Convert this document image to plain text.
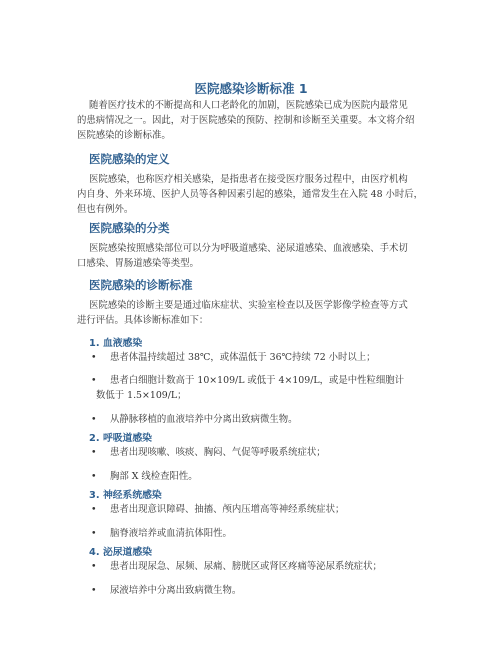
医院感染诊断标准 1

随着医疗技术的不断提高和人口老龄化的加剧，医院感染已成为医院内最常见
的患病情况之一。因此，对于医院感染的预防、控制和诊断至关重要。本文将介绍
医院感染的诊断标准。

医院感染的定义

医院感染，也称医疗相关感染，是指患者在接受医疗服务过程中，由医疗机构
内自身、外来环境、医护人员等各种因素引起的感染，通常发生在入院 48 小时后，
但也有例外。

医院感染的分类

医院感染按照感染部位可以分为呼吸道感染、泌尿道感染、血液感染、手术切
口感染、胃肠道感染等类型。

医院感染的诊断标准

医院感染的诊断主要是通过临床症状、实验室检查以及医学影像学检查等方式
进行评估。具体诊断标准如下：

1. 血液感染
•	患者体温持续超过 38℃，或体温低于 36℃持续 72 小时以上；
•	患者白细胞计数高于 10×109/L 或低于 4×109/L，或是中性粒细胞计
数低于 1.5×109/L；
•	从静脉移植的血液培养中分离出致病微生物。
2. 呼吸道感染
•	患者出现咳嗽、咳痰、胸闷、气促等呼吸系统症状；
•	胸部 X 线检查阳性。
3. 神经系统感染
•	患者出现意识障碍、抽搐、颅内压增高等神经系统症状；
•	脑脊液培养或血清抗体阳性。
4. 泌尿道感染
•	患者出现尿急、尿频、尿痛、膀胱区或肾区疼痛等泌尿系统症状；
•	尿液培养中分离出致病微生物。
